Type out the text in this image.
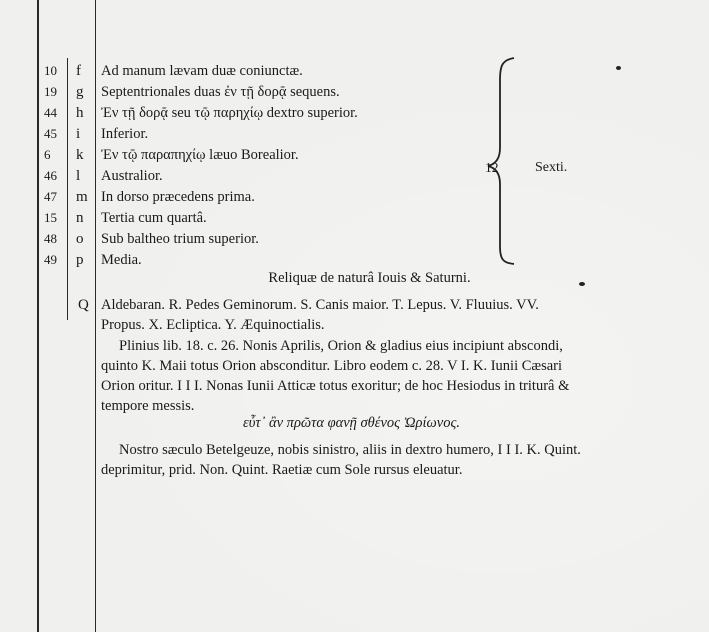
10	f	Ad manum lævam duæ coniunctæ.
19	g	Septentrionales duas ἐν τῇ δορᾷ sequens.
44	h	Ἐν τῇ δορᾷ seu τῷ παρηχίῳ dextro superior.
45	i	Inferior.
6	k	Ἐν τῷ παραπηχίῳ læuo Borealior.
46	l	Australior.
47	m In dorso præcedens prima.
15	n	Tertia cum quartâ.
48	o	Sub baltheo trium superior.
49	p	Media.
12	Sexti.
Reliquæ de naturâ Iouis & Saturni.
Q Aldebaran. R. Pedes Geminorum. S. Canis maior. T. Lepus. V. Fluuius. VV.
Propus. X. Ecliptica. Y. Æquinoctialis.
Plinius lib. 18. c. 26. Nonis Aprilis, Orion & gladius eius incipiunt abscondi,
quinto K. Maii totus Orion absconditur. Libro eodem c. 28. V I. K. Iunii Cæsari
Orion oritur. I I I. Nonas Iunii Atticæ totus exoritur; de hoc Hesiodus in triturâ &
tempore messis.
εὖτ᾽ ἂν πρῶτα φανῇ σθένος Ὠρίωνος.
Nostro sæculo Betelgeuze, nobis sinistro, aliis in dextro humero, I I I. K. Quint.
deprimitur, prid. Non. Quint. Raetiæ cum Sole rursus eleuatur.
